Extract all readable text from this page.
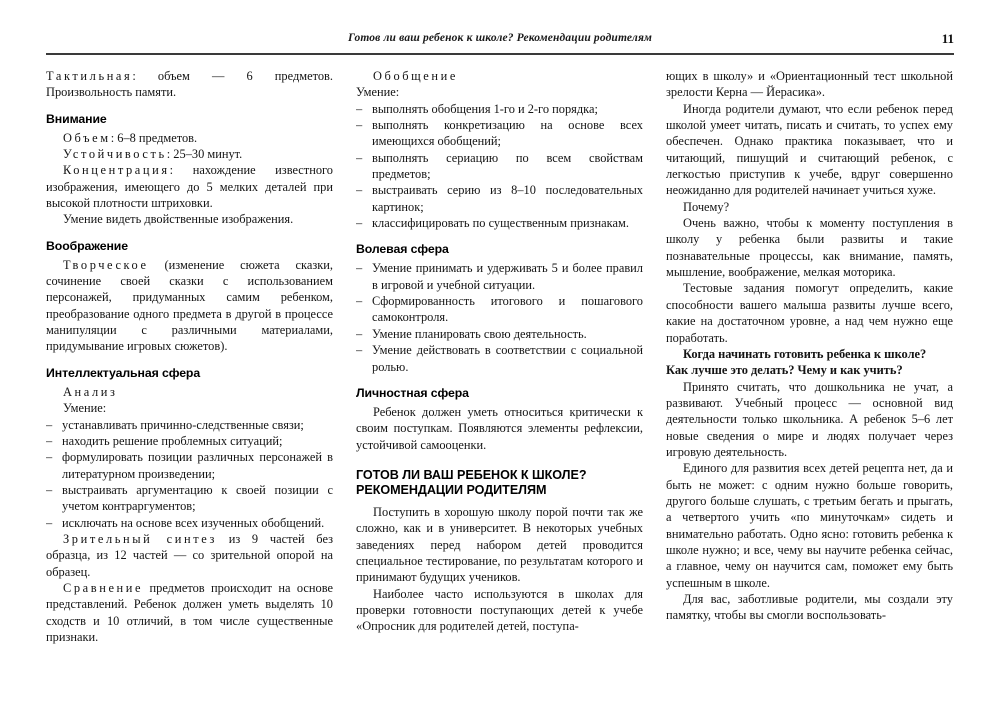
Готов ли ваш ребенок к школе? Рекомендации родителям	11

Тактильная: объем — 6 предметов. Произвольность памяти.

Внимание

Объем: 6–8 предметов.

Устойчивость: 25–30 минут.

Концентрация: нахождение известного изображения, имеющего до 5 мелких деталей при высокой плотности штриховки.

Умение видеть двойственные изображения.

Воображение

Творческое (изменение сюжета сказки, сочинение своей сказки с использованием персонажей, придуманных самим ребенком, преобразование одного предмета в другой в процессе манипуляции с различными материалами, придумывание игровых сюжетов).

Интеллектуальная сфера

Анализ

Умение:

– устанавливать причинно-следственные связи;
– находить решение проблемных ситуаций;
– формулировать позиции различных персонажей в литературном произведении;
– выстраивать аргументацию к своей позиции с учетом контраргументов;
– исключать на основе всех изученных обобщений.

Зрительный синтез из 9 частей без образца, из 12 частей — со зрительной опорой на образец.

Сравнение предметов происходит на основе представлений. Ребенок должен уметь выделять 10 сходств и 10 отличий, в том числе существенные признаки.

Обобщение

Умение:

– выполнять обобщения 1-го и 2-го порядка;
– выполнять конкретизацию на основе всех имеющихся обобщений;
– выполнять сериацию по всем свойствам предметов;
– выстраивать серию из 8–10 последовательных картинок;
– классифицировать по существенным признакам.
Волевая сфера
– Умение принимать и удерживать 5 и более правил в игровой и учебной ситуации.
– Сформированность итогового и пошагового самоконтроля.
– Умение планировать свою деятельность.
– Умение действовать в соответствии с социальной ролью.
Личностная сфера

Ребенок должен уметь относиться критически к своим поступкам. Появляются элементы рефлексии, устойчивой самооценки.

ГОТОВ ЛИ ВАШ РЕБЕНОК К ШКОЛЕ?
РЕКОМЕНДАЦИИ РОДИТЕЛЯМ

Поступить в хорошую школу порой почти так же сложно, как и в университет. В некоторых учебных заведениях перед набором детей проводится специальное тестирование, по результатам которого и принимают будущих учеников.

Наиболее часто используются в школах для проверки готовности поступающих детей к учебе «Опросник для родителей детей, поступа-

ющих в школу» и «Ориентационный тест школьной зрелости Керна — Йерасика».

Иногда родители думают, что если ребенок перед школой умеет читать, писать и считать, то успех ему обеспечен. Однако практика показывает, что и читающий, пишущий и считающий ребенок, с легкостью приступив к учебе, вдруг совершенно неожиданно для родителей начинает учиться хуже.

Почему?

Очень важно, чтобы к моменту поступления в школу у ребенка были развиты и такие познавательные процессы, как внимание, память, мышление, воображение, мелкая моторика.

Тестовые задания помогут определить, какие способности вашего малыша развиты лучше всего, какие на достаточном уровне, а над чем нужно еще поработать.

Когда начинать готовить ребенка к школе?

Как лучше это делать? Чему и как учить?

Принято считать, что дошкольника не учат, а развивают. Учебный процесс — основной вид деятельности только школьника. А ребенок 5–6 лет новые сведения о мире и людях получает через игровую деятельность.

Единого для развития всех детей рецепта нет, да и быть не может: с одним нужно больше говорить, другого больше слушать, с третьим бегать и прыгать, а четвертого учить «по минуточкам» сидеть и внимательно работать. Одно ясно: готовить ребенка к школе нужно; и все, чему вы научите ребенка сейчас, а главное, чему он научится сам, поможет ему быть успешным в школе.

Для вас, заботливые родители, мы создали эту памятку, чтобы вы смогли воспользовать-
